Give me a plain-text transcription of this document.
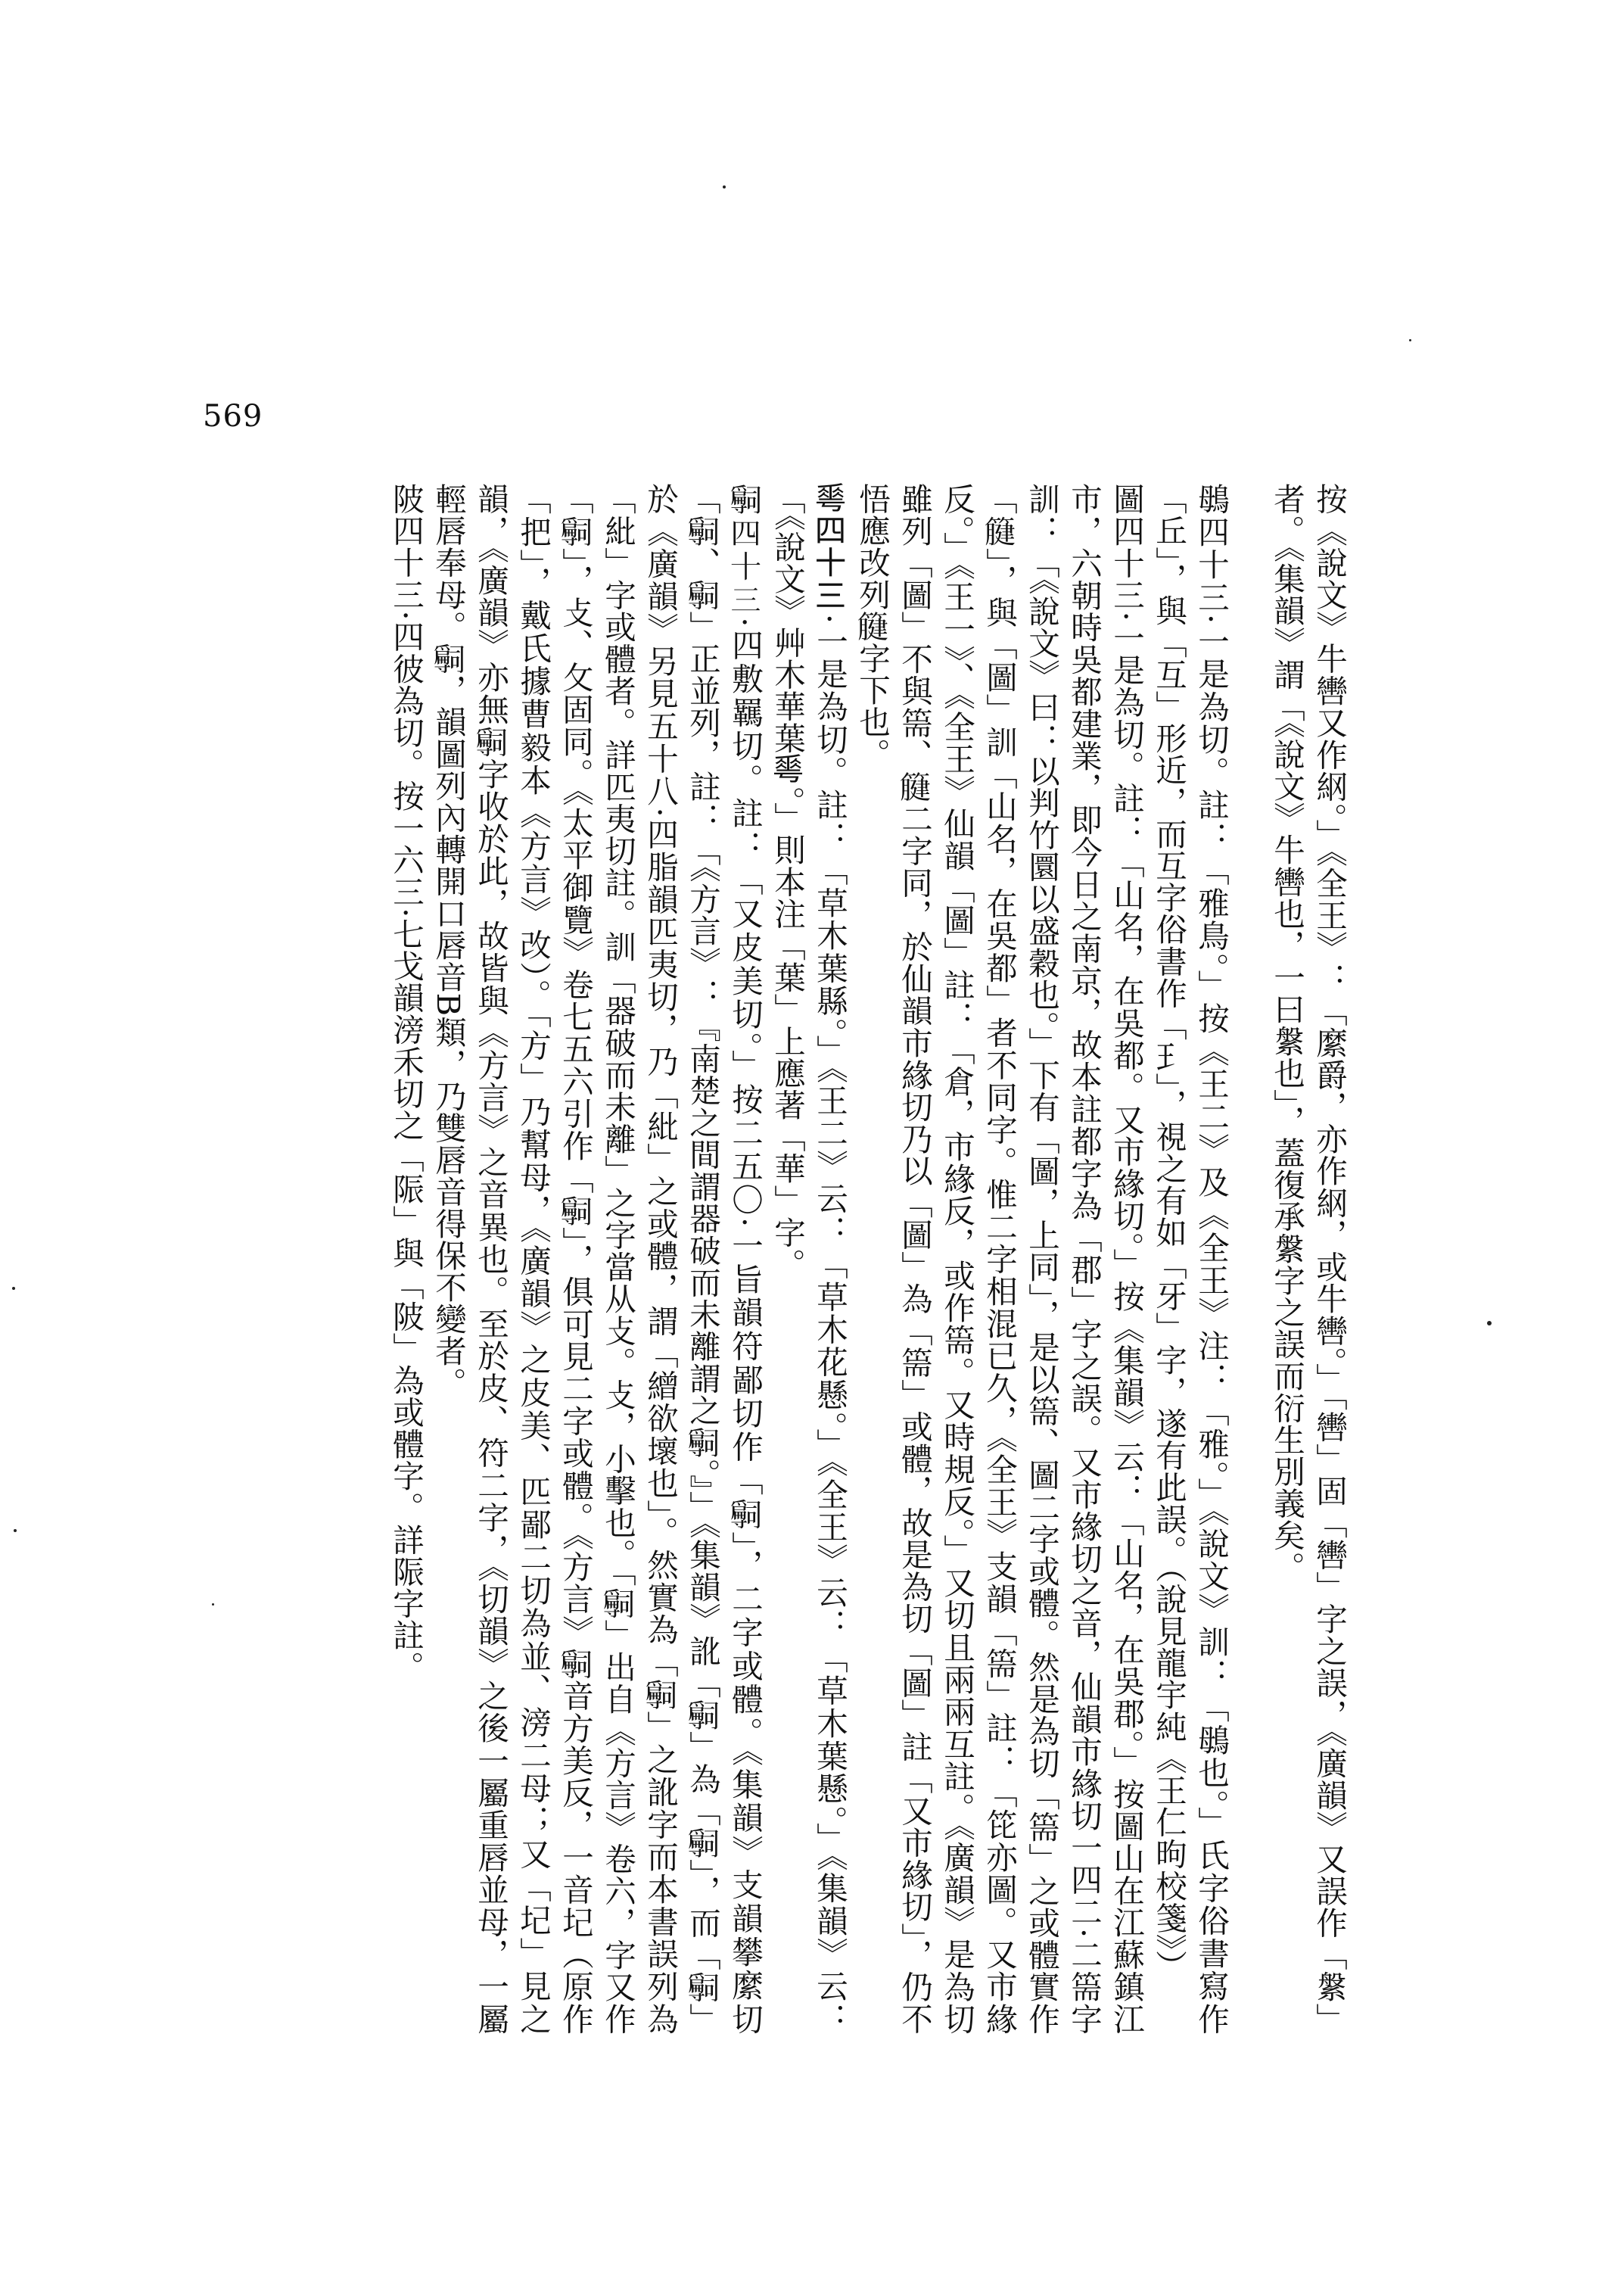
569

按《說文》牛轡又作䋄。」《全王》：「縻爵，亦作䋄，或牛轡。」「轡」固「轡」字之誤，《廣韻》又誤作「縏」者。《集韻》謂「《說文》牛轡也，一曰縏也」，蓋復承縏字之誤而衍生別義矣。

䳇四十三·一是為切。註：「雅鳥。」按《王二》及《全王》注：「雅。」《說文》訓：「䳇也。」氏字俗書寫作「丘」，與「互」形近，而互字俗書作「𤣩」，視之有如「牙」字，遂有此誤。（說見龍宇純《王仁昫校箋》）

圖四十三·一是為切。註：「山名，在吳都。又市緣切。」按《集韻》云：「山名，在吳郡。」按圖山在江蘇鎮江市，六朝時吳都建業，即今日之南京，故本註都字為「郡」字之誤。又市緣切之音，仙韻市緣切一四二·二篅字訓：「《說文》曰：以判竹圜以盛穀也。」下有「圖，上同」，是以篅、圖二字或體。然是為切「篅」之或體實作「𥴤」，與「圖」訓「山名，在吳都」者不同字。惟二字相混已久，《全王》支韻「篅」註：「笓亦圖。又市緣反。」《王一》、《全王》仙韻「圖」註：「倉，市緣反，或作篅。又時規反。」又切且兩兩互註。《廣韻》是為切雖列「圖」不與篅、𥴤二字同，於仙韻市緣切乃以「圖」為「篅」或體，故是為切「圖」註「又市緣切」，仍不悟應改列𥴤字下也。

𠌶四十三·一是為切。註：「草木葉縣。」《王二》云：「草木花懸。」《全王》云：「草木葉懸。」《集韻》云：「《說文》艸木華葉𠌶。」則本注「葉」上應著「華」字。

𡭒四十三·四敷羈切。註：「又皮美切。」按二五〇·一旨韻符鄙切作「𡭒」，二字或體。《集韻》支韻攀縻切「𡭒、𡭒」正並列，註：「《方言》：『南楚之間謂器破而未離謂之𡭒。』」《集韻》訛「𡭒」為「𡭒」，而「𡭒」於《廣韻》另見五十八·四脂韻匹夷切，乃「紕」之或體，謂「繒欲壞也」。然實為「𡭒」之訛字而本書誤列為「紕」字或體者。詳匹夷切註。訓「器破而未離」之字當从攴。攴，小擊也。「𡭒」出自《方言》卷六，字又作「𡭒」，攴、攵固同。《太平御覽》卷七五六引作「𡭒」，俱可見二字或體。《方言》𡭒音方美反，一音圮（原作「把」，戴氏據曹毅本《方言》改）。「方」乃幫母，《廣韻》之皮美、匹鄙二切為並、滂二母；又「圮」見之韻，《廣韻》亦無𡭒字收於此，故皆與《方言》之音異也。至於皮、符二字，《切韻》之後一屬重唇並母，一屬輕唇奉母。𡭒，韻圖列內轉開口唇音B類，乃雙唇音得保不變者。

陂四十三·四彼為切。按一六三·七戈韻滂禾切之「陙」與「陂」為或體字。詳陙字註。
